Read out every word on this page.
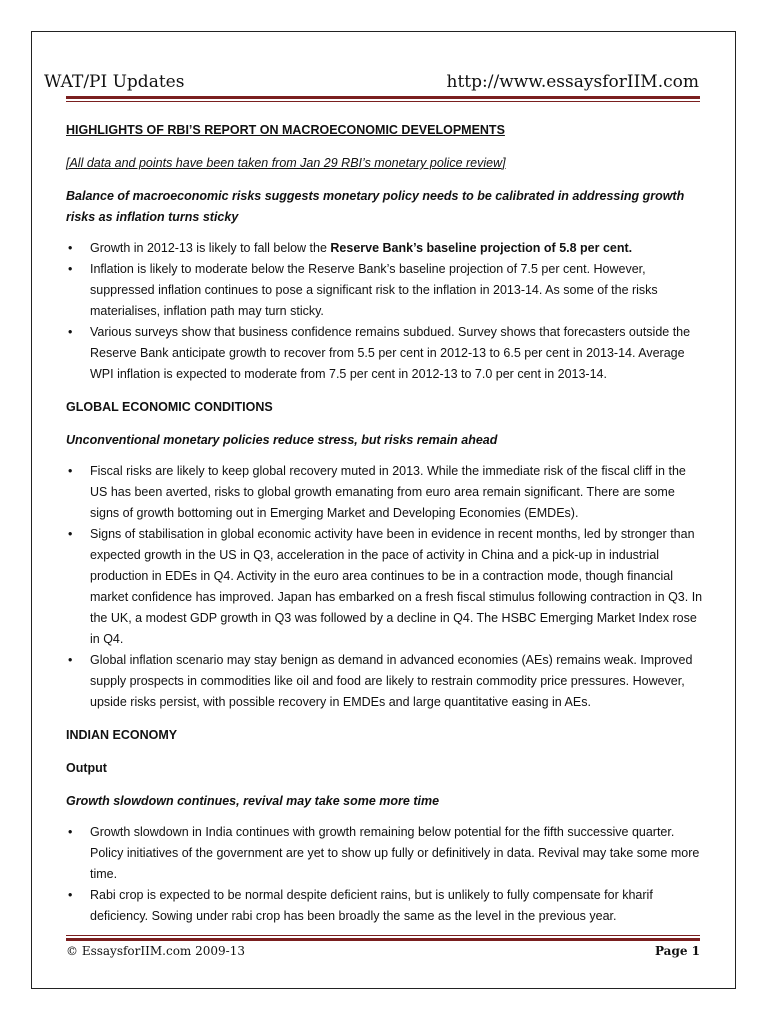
WAT/PI Updates	http://www.essaysforIIM.com

HIGHLIGHTS OF RBI’S REPORT ON MACROECONOMIC DEVELOPMENTS

[All data and points have been taken from Jan 29 RBI’s monetary police review]

Balance of macroeconomic risks suggests monetary policy needs to be calibrated in addressing growth risks as inflation turns sticky

• Growth in 2012-13 is likely to fall below the Reserve Bank’s baseline projection of 5.8 per cent.
• Inflation is likely to moderate below the Reserve Bank’s baseline projection of 7.5 per cent. However, suppressed inflation continues to pose a significant risk to the inflation in 2013-14. As some of the risks materialises, inflation path may turn sticky.
• Various surveys show that business confidence remains subdued. Survey shows that forecasters outside the Reserve Bank anticipate growth to recover from 5.5 per cent in 2012-13 to 6.5 per cent in 2013-14. Average WPI inflation is expected to moderate from 7.5 per cent in 2012-13 to 7.0 per cent in 2013-14.

GLOBAL ECONOMIC CONDITIONS

Unconventional monetary policies reduce stress, but risks remain ahead

• Fiscal risks are likely to keep global recovery muted in 2013. While the immediate risk of the fiscal cliff in the US has been averted, risks to global growth emanating from euro area remain significant. There are some signs of growth bottoming out in Emerging Market and Developing Economies (EMDEs).
• Signs of stabilisation in global economic activity have been in evidence in recent months, led by stronger than expected growth in the US in Q3, acceleration in the pace of activity in China and a pick-up in industrial production in EDEs in Q4. Activity in the euro area continues to be in a contraction mode, though financial market confidence has improved. Japan has embarked on a fresh fiscal stimulus following contraction in Q3. In the UK, a modest GDP growth in Q3 was followed by a decline in Q4. The HSBC Emerging Market Index rose in Q4.
• Global inflation scenario may stay benign as demand in advanced economies (AEs) remains weak. Improved supply prospects in commodities like oil and food are likely to restrain commodity price pressures. However, upside risks persist, with possible recovery in EMDEs and large quantitative easing in AEs.

INDIAN ECONOMY

Output

Growth slowdown continues, revival may take some more time

• Growth slowdown in India continues with growth remaining below potential for the fifth successive quarter. Policy initiatives of the government are yet to show up fully or definitively in data. Revival may take some more time.
• Rabi crop is expected to be normal despite deficient rains, but is unlikely to fully compensate for kharif deficiency. Sowing under rabi crop has been broadly the same as the level in the previous year.
© EssaysforIIM.com 2009-13	Page 1
